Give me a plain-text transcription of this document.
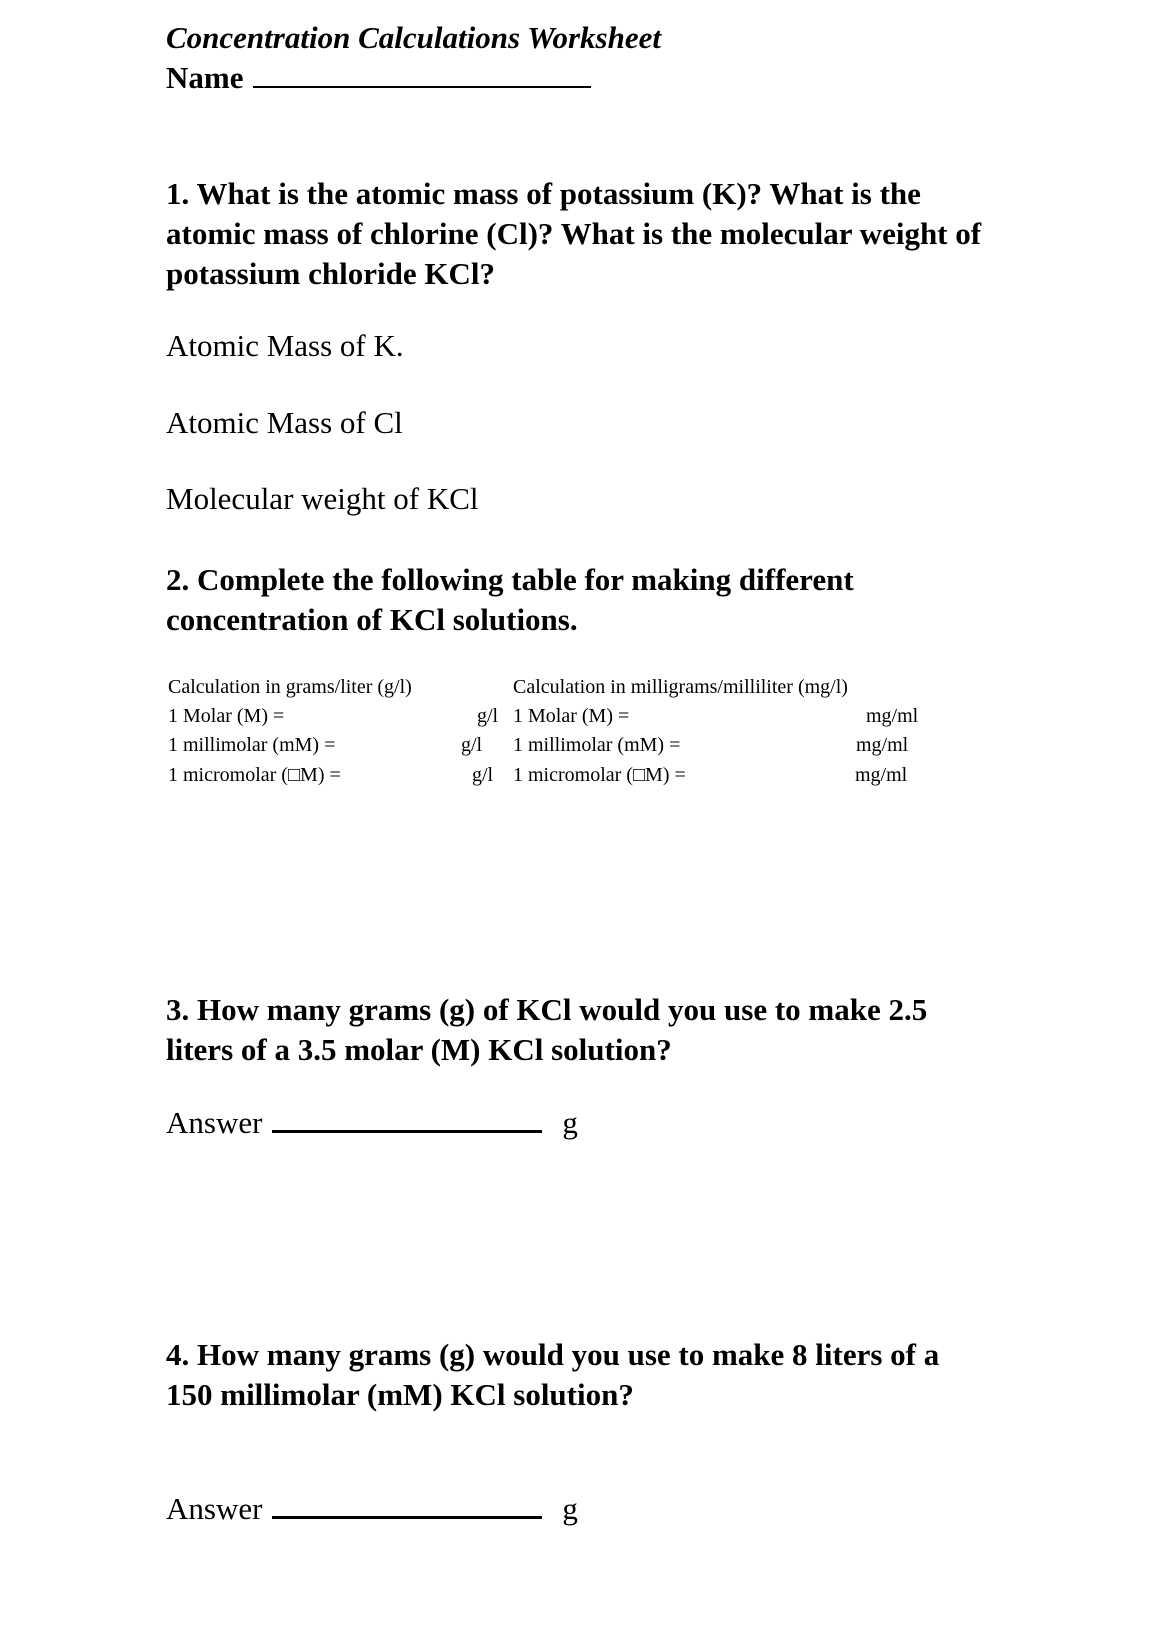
Concentration Calculations Worksheet
Name
1. What is the atomic mass of potassium (K)? What is the atomic mass of chlorine (Cl)? What is the molecular weight of potassium chloride KCl?
Atomic Mass of K.
Atomic Mass of Cl
Molecular weight of KCl
2. Complete the following table for making different concentration of KCl solutions.
Calculation in grams/liter (g/l)	Calculation in milligrams/milliliter (mg/l)
1 Molar (M) =	g/l 1 Molar (M) =	mg/ml
1 millimolar (mM) =	g/l 1 millimolar (mM) =	mg/ml
1 micromolar (□M) =	g/l 1 micromolar (□M) =	mg/ml
3. How many grams (g) of KCl would you use to make 2.5 liters of a 3.5 molar (M) KCl solution?
Answer	g
4. How many grams (g) would you use to make 8 liters of a 150 millimolar (mM) KCl solution?
Answer	g
